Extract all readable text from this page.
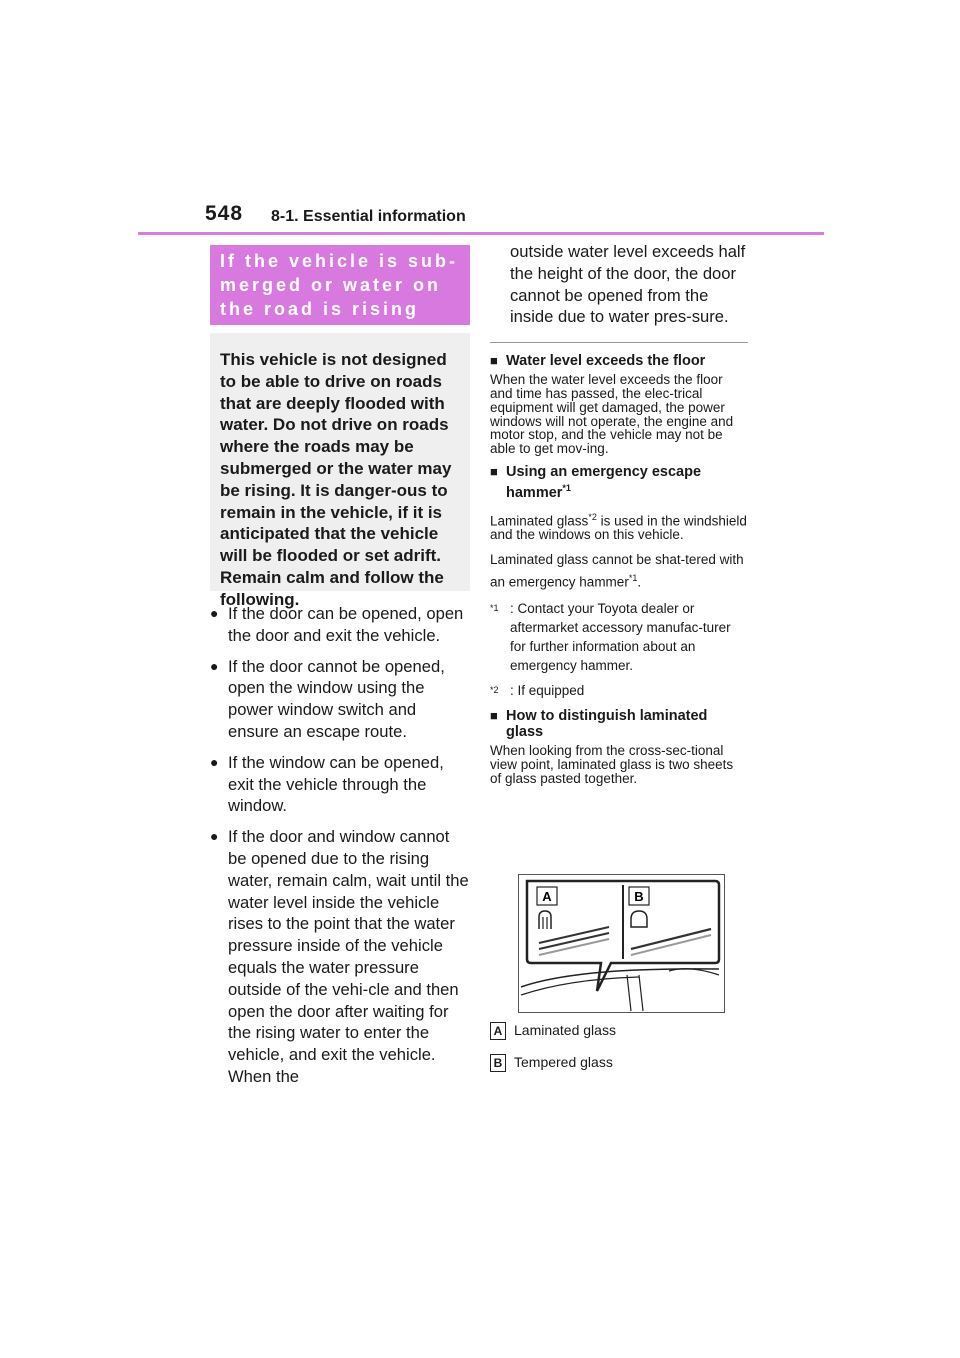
548 8-1. Essential information
If the vehicle is sub-
merged or water on
the road is rising

This vehicle is not designed to be able to drive on roads that are deeply flooded with water. Do not drive on roads where the roads may be submerged or the water may be rising. It is danger-ous to remain in the vehicle, if it is anticipated that the vehicle will be flooded or set adrift. Remain calm and follow the following.

● If the door can be opened, open the door and exit the vehicle.
● If the door cannot be opened, open the window using the power window switch and ensure an escape route.
● If the window can be opened, exit the vehicle through the window.
● If the door and window cannot be opened due to the rising water, remain calm, wait until the water level inside the vehicle rises to the point that the water pressure inside of the vehicle equals the water pressure outside of the vehi-cle and then open the door after waiting for the rising water to enter the vehicle, and exit the vehicle. When the
outside water level exceeds half the height of the door, the door cannot be opened from the inside due to water pres-sure.
■ Water level exceeds the floor
When the water level exceeds the floor and time has passed, the elec-trical equipment will get damaged, the power windows will not operate, the engine and motor stop, and the vehicle may not be able to get mov-ing.
■ Using an emergency escape hammer$^{*1}$
Laminated glass$^{*2}$ is used in the windshield and the windows on this vehicle.
Laminated glass cannot be shat-tered with an emergency hammer$^{*1}$.
*1 : Contact your Toyota dealer or aftermarket accessory manufac-turer for further information about an emergency hammer.
*2 : If equipped
■ How to distinguish laminated glass
When looking from the cross-sec-tional view point, laminated glass is two sheets of glass pasted together.
A	B
A Laminated glass
B Tempered glass
